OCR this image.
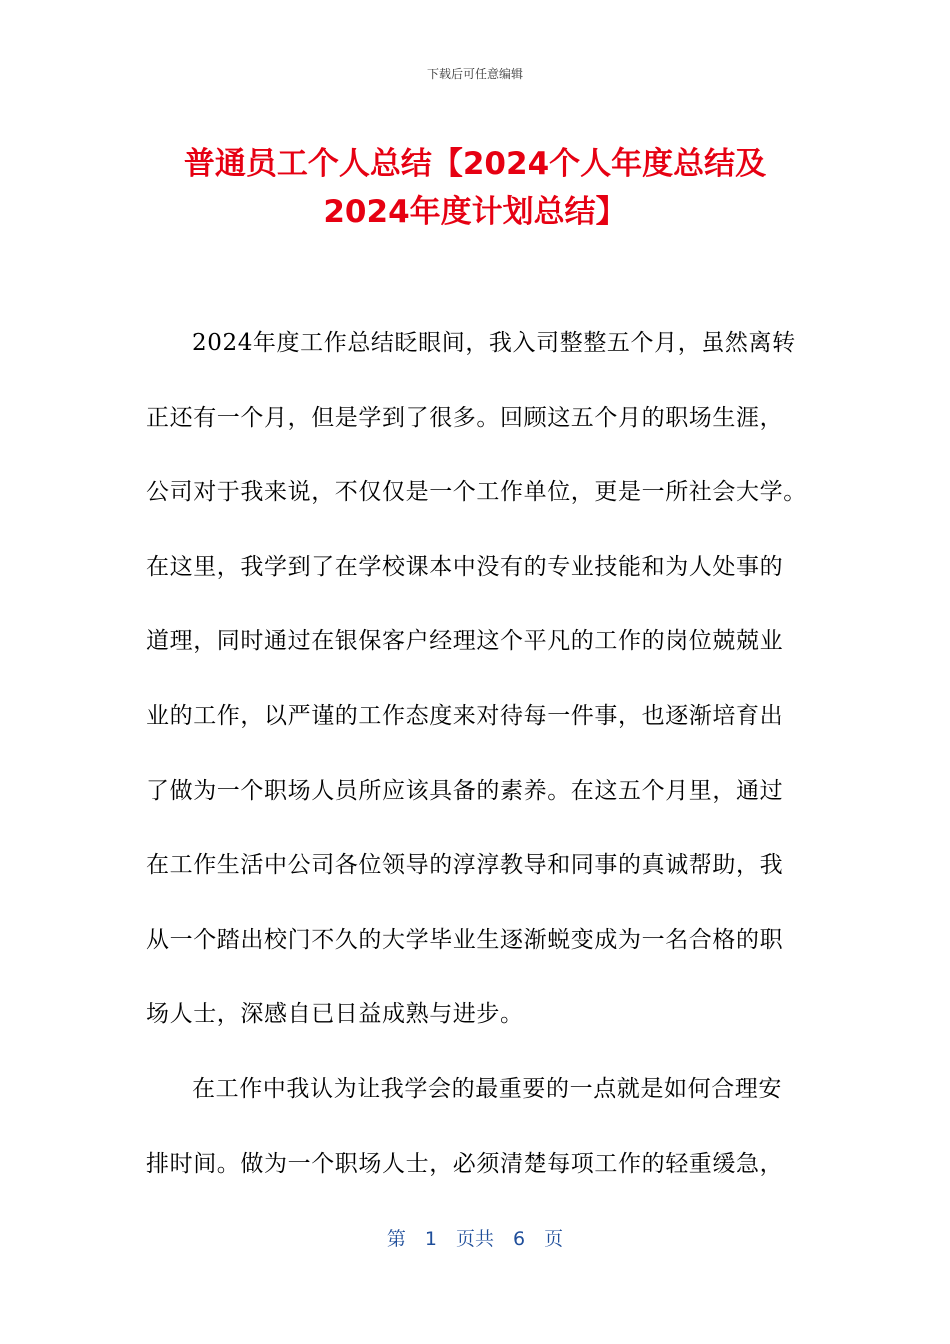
下载后可任意编辑
普通员工个人总结【2024个人年度总结及
2024年度计划总结】
2024年度工作总结眨眼间，我入司整整五个月，虽然离转
正还有一个月，但是学到了很多。回顾这五个月的职场生涯，
公司对于我来说，不仅仅是一个工作单位，更是一所社会大学。
在这里，我学到了在学校课本中没有的专业技能和为人处事的
道理，同时通过在银保客户经理这个平凡的工作的岗位兢兢业
业的工作，以严谨的工作态度来对待每一件事，也逐渐培育出
了做为一个职场人员所应该具备的素养。在这五个月里，通过
在工作生活中公司各位领导的淳淳教导和同事的真诚帮助，我
从一个踏出校门不久的大学毕业生逐渐蜕变成为一名合格的职
场人士，深感自已日益成熟与进步。
在工作中我认为让我学会的最重要的一点就是如何合理安
排时间。做为一个职场人士，必须清楚每项工作的轻重缓急，
第　1　页共　6　页
